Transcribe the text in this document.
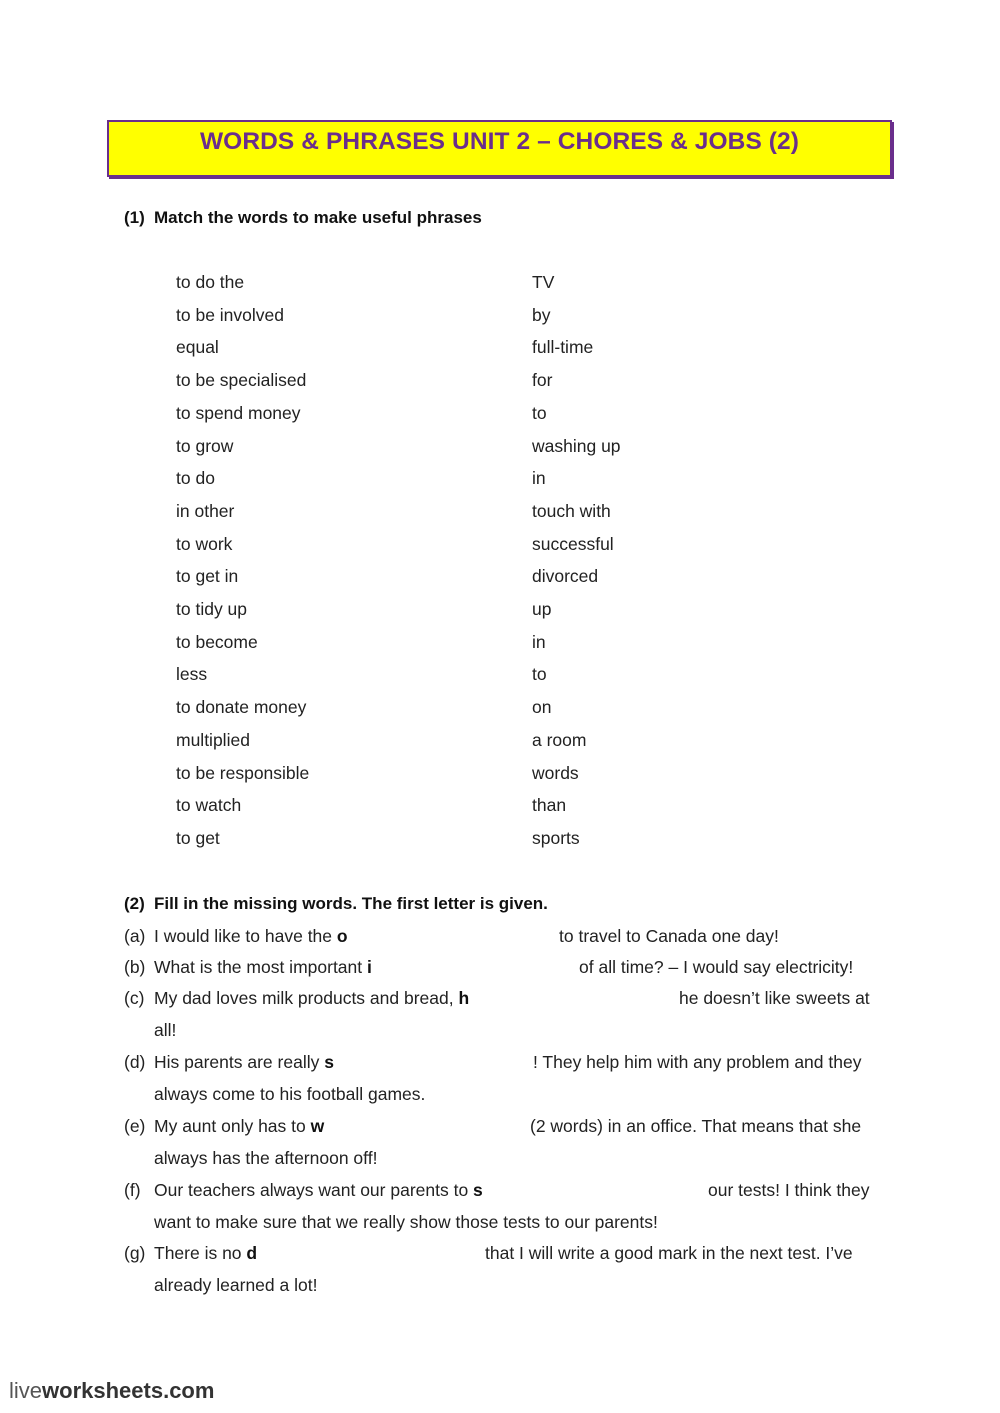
WORDS & PHRASES UNIT 2 – CHORES & JOBS (2)
(1) Match the words to make useful phrases
to do the	TV
to be involved	by
equal	full-time
to be specialised	for
to spend money	to
to grow	washing up
to do	in
in other	touch with
to work	successful
to get in	divorced
to tidy up	up
to become	in
less	to
to donate money	on
multiplied	a room
to be responsible	words
to watch	than
to get	sports
(2) Fill in the missing words. The first letter is given.
(a) I would like to have the o	to travel to Canada one day!
(b) What is the most important i	of all time? – I would say electricity!
(c) My dad loves milk products and bread, h	he doesn’t like sweets at
all!
(d) His parents are really s	! They help him with any problem and they
always come to his football games.
(e) My aunt only has to w	(2 words) in an office. That means that she
always has the afternoon off!
(f) Our teachers always want our parents to s	our tests! I think they
want to make sure that we really show those tests to our parents!
(g) There is no d	that I will write a good mark in the next test. I’ve
already learned a lot!
liveworksheets.com
